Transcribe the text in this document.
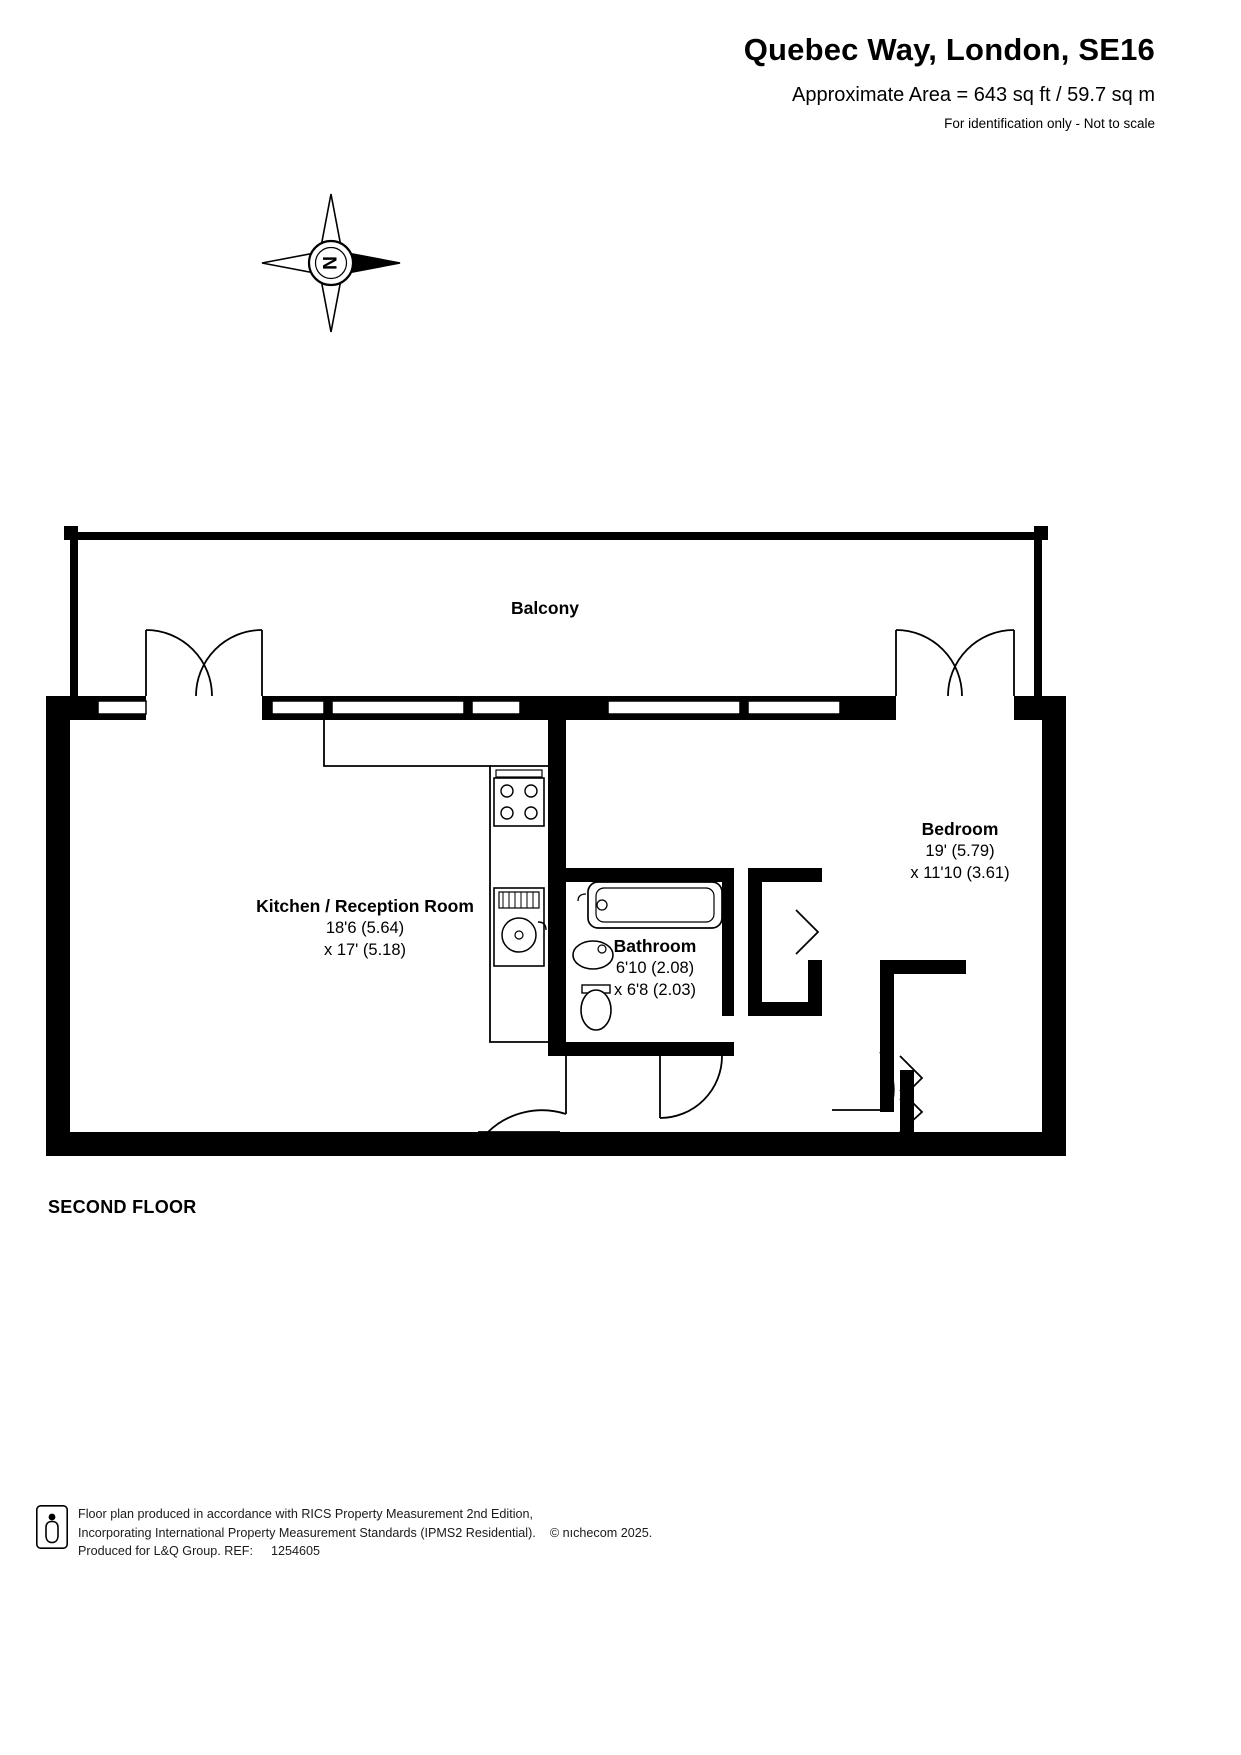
Quebec Way, London, SE16
Approximate Area = 643 sq ft / 59.7 sq m
For identification only - Not to scale
N
Balcony
Kitchen / Reception Room
18'6 (5.64)
x 17' (5.18)	Bathroom
6'10 (2.08)
x 6'8 (2.03)
Bedroom
19' (5.79)
x 11'10 (3.61)
SECOND FLOOR
Floor plan produced in accordance with RICS Property Measurement 2nd Edition,
Incorporating International Property Measurement Standards (IPMS2 Residential). © nıchecom 2025.
Produced for L&Q Group. REF: 1254605
